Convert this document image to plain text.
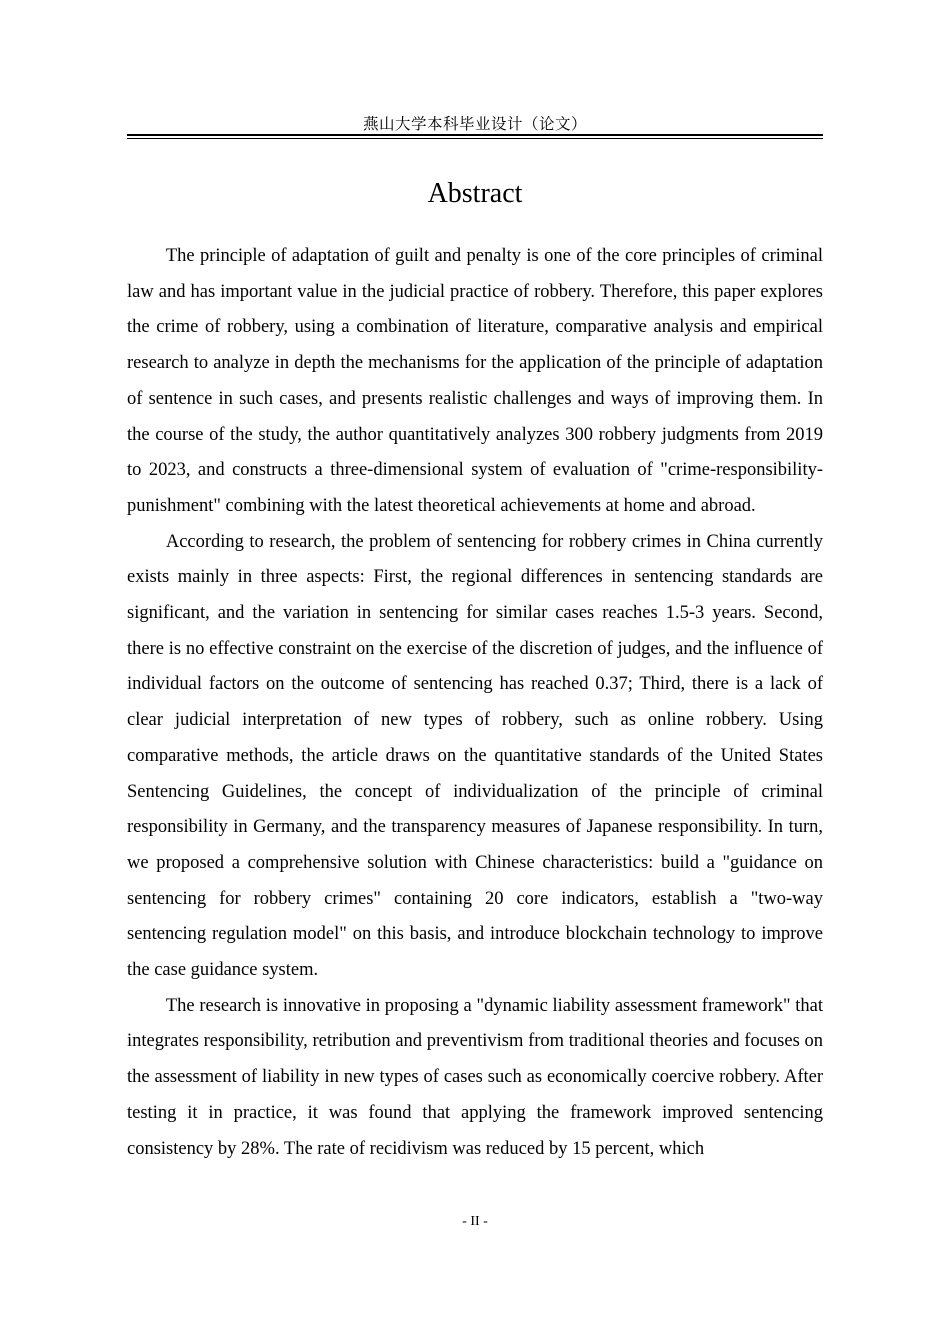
燕山大学本科毕业设计（论文）
Abstract

The principle of adaptation of guilt and penalty is one of the core principles of criminal law and has important value in the judicial practice of robbery. Therefore, this paper explores the crime of robbery, using a combination of literature, comparative analysis and empirical research to analyze in depth the mechanisms for the application of the principle of adaptation of sentence in such cases, and presents realistic challenges and ways of improving them. In the course of the study, the author quantitatively analyzes 300 robbery judgments from 2019 to 2023, and constructs a three-dimensional system of evaluation of "crime-responsibility-punishment" combining with the latest theoretical achievements at home and abroad.

According to research, the problem of sentencing for robbery crimes in China currently exists mainly in three aspects: First, the regional differences in sentencing standards are significant, and the variation in sentencing for similar cases reaches 1.5-3 years. Second, there is no effective constraint on the exercise of the discretion of judges, and the influence of individual factors on the outcome of sentencing has reached 0.37; Third, there is a lack of clear judicial interpretation of new types of robbery, such as online robbery. Using comparative methods, the article draws on the quantitative standards of the United States Sentencing Guidelines, the concept of individualization of the principle of criminal responsibility in Germany, and the transparency measures of Japanese responsibility. In turn, we proposed a comprehensive solution with Chinese characteristics: build a "guidance on sentencing for robbery crimes" containing 20 core indicators, establish a "two-way sentencing regulation model" on this basis, and introduce blockchain technology to improve the case guidance system.

The research is innovative in proposing a "dynamic liability assessment framework" that integrates responsibility, retribution and preventivism from traditional theories and focuses on the assessment of liability in new types of cases such as economically coercive robbery. After testing it in practice, it was found that applying the framework improved sentencing consistency by 28%. The rate of recidivism was reduced by 15 percent, which

- II -
